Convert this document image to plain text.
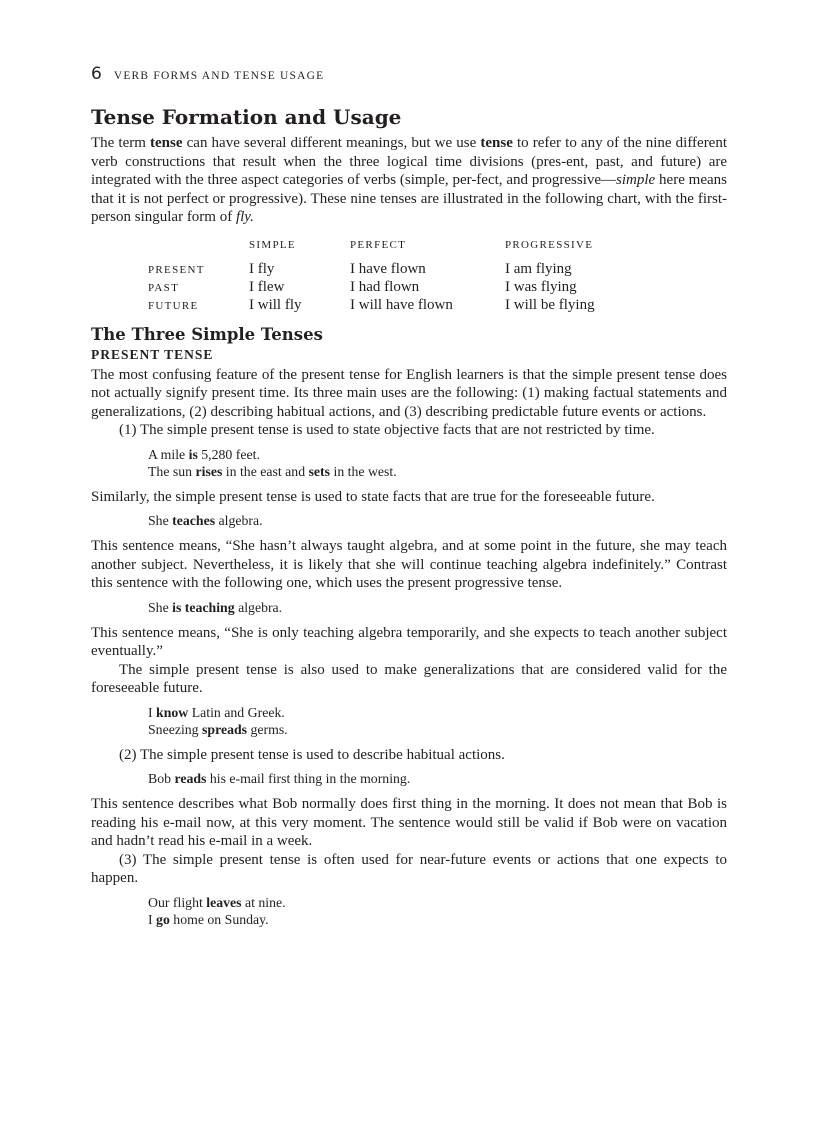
6 VERB FORMS AND TENSE USAGE
Tense Formation and Usage

The term tense can have several different meanings, but we use tense to refer to any of the nine different verb constructions that result when the three logical time divisions (pres-ent, past, and future) are integrated with the three aspect categories of verbs (simple, per-fect, and progressive—simple here means that it is not perfect or progressive). These nine tenses are illustrated in the following chart, with the first-person singular form of fly.

	SIMPLE	PERFECT	PROGRESSIVE
PRESENT	I fly	I have flown	I am flying
PAST	I flew	I had flown	I was flying
FUTURE	I will fly	I will have flown	I will be flying
The Three Simple Tenses
PRESENT TENSE

The most confusing feature of the present tense for English learners is that the simple present tense does not actually signify present time. Its three main uses are the following: (1) making factual statements and generalizations, (2) describing habitual actions, and (3) describing predictable future events or actions.

(1) The simple present tense is used to state objective facts that are not restricted by time.

A mile is 5,280 feet.
The sun rises in the east and sets in the west.

Similarly, the simple present tense is used to state facts that are true for the foreseeable future.

She teaches algebra.

This sentence means, “She hasn’t always taught algebra, and at some point in the future, she may teach another subject. Nevertheless, it is likely that she will continue teaching algebra indefinitely.” Contrast this sentence with the following one, which uses the present progressive tense.

She is teaching algebra.

This sentence means, “She is only teaching algebra temporarily, and she expects to teach another subject eventually.”

The simple present tense is also used to make generalizations that are considered valid for the foreseeable future.

I know Latin and Greek.
Sneezing spreads germs.

(2) The simple present tense is used to describe habitual actions.

Bob reads his e-mail first thing in the morning.

This sentence describes what Bob normally does first thing in the morning. It does not mean that Bob is reading his e-mail now, at this very moment. The sentence would still be valid if Bob were on vacation and hadn’t read his e-mail in a week.

(3) The simple present tense is often used for near-future events or actions that one expects to happen.

Our flight leaves at nine.
I go home on Sunday.
